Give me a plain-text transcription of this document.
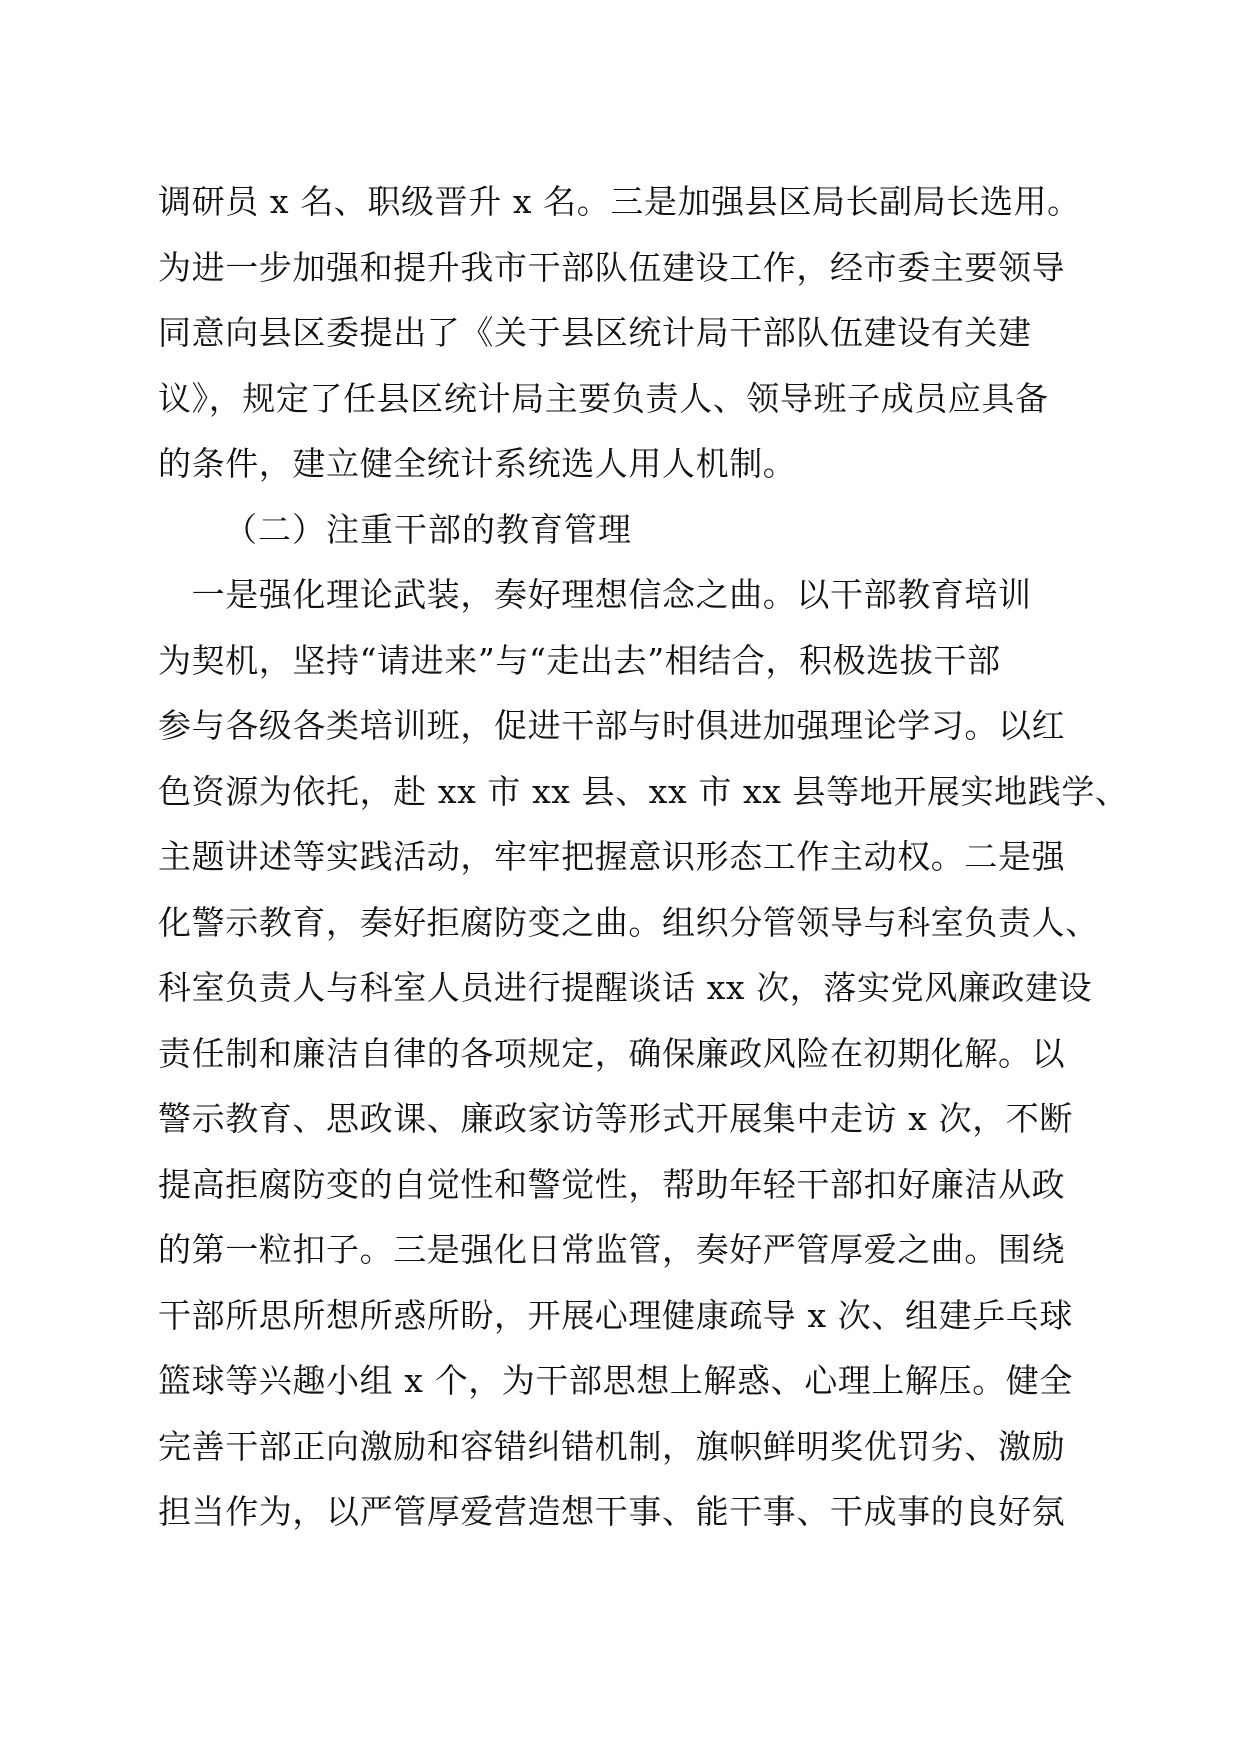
调研员 x 名、职级晋升 x 名。三是加强县区局长副局长选用。
为进一步加强和提升我市干部队伍建设工作，经市委主要领导
同意向县区委提出了《关于县区统计局干部队伍建设有关建
议》，规定了任县区统计局主要负责人、领导班子成员应具备
的条件，建立健全统计系统选人用人机制。
（二）注重干部的教育管理
　一是强化理论武装，奏好理想信念之曲。以干部教育培训
为契机，坚持“请进来”与“走出去”相结合，积极选拔干部
参与各级各类培训班，促进干部与时俱进加强理论学习。以红
色资源为依托，赴 xx 市 xx 县、xx 市 xx 县等地开展实地践学、
主题讲述等实践活动，牢牢把握意识形态工作主动权。二是强
化警示教育，奏好拒腐防变之曲。组织分管领导与科室负责人、
科室负责人与科室人员进行提醒谈话 xx 次，落实党风廉政建设
责任制和廉洁自律的各项规定，确保廉政风险在初期化解。以
警示教育、思政课、廉政家访等形式开展集中走访 x 次，不断
提高拒腐防变的自觉性和警觉性，帮助年轻干部扣好廉洁从政
的第一粒扣子。三是强化日常监管，奏好严管厚爱之曲。围绕
干部所思所想所惑所盼，开展心理健康疏导 x 次、组建乒乓球
篮球等兴趣小组 x 个，为干部思想上解惑、心理上解压。健全
完善干部正向激励和容错纠错机制，旗帜鲜明奖优罚劣、激励
担当作为，以严管厚爱营造想干事、能干事、干成事的良好氛
